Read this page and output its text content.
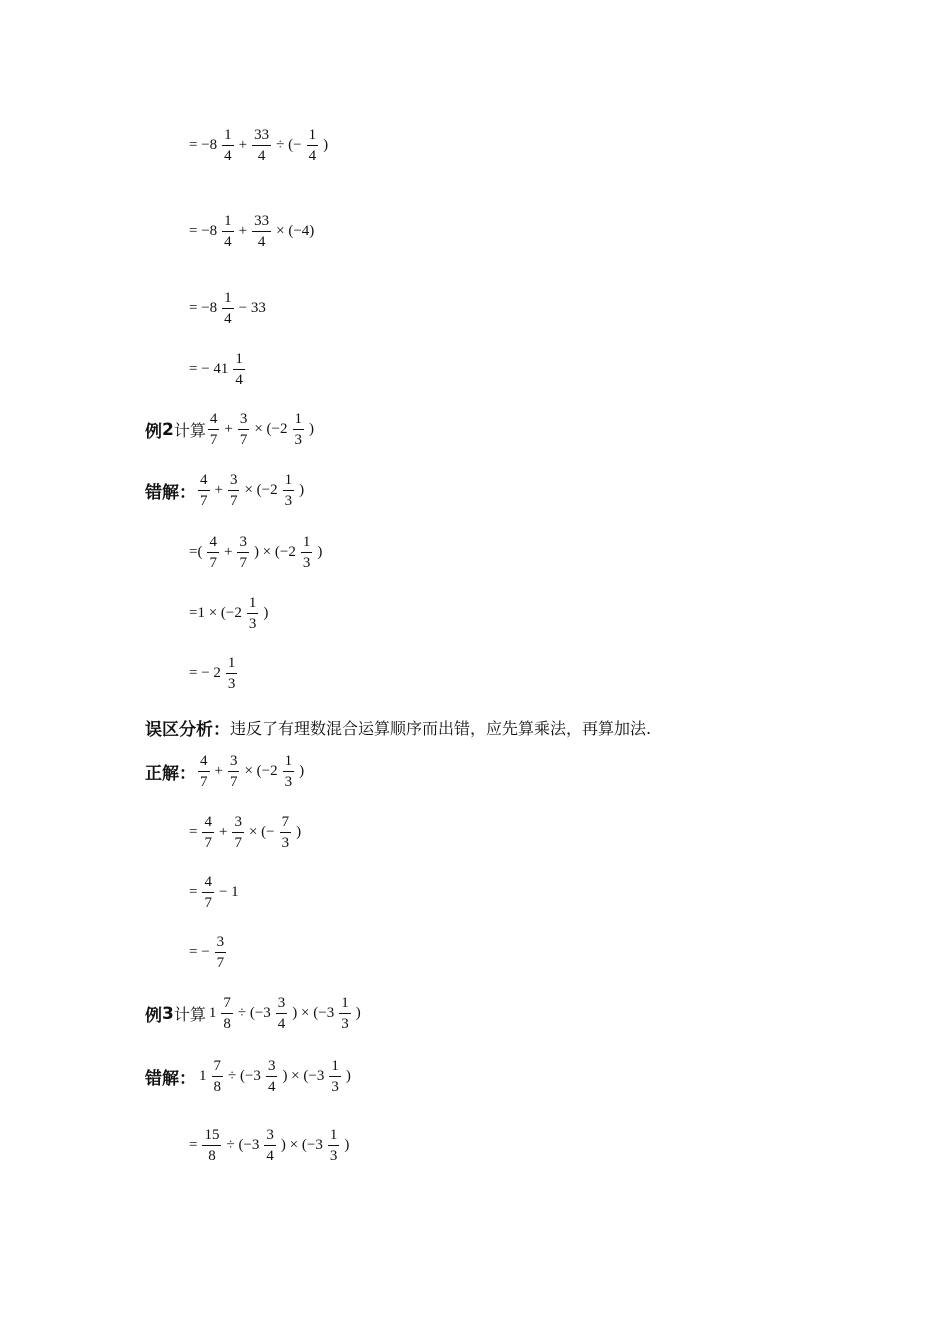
= $-8 \frac{1}{4} + \frac{33}{4}$ ÷ (− $\frac{1}{4}$ )
= $-8 \frac{1}{4} + \frac{33}{4} \times (-4)$
= $-8 \frac{1}{4} - 33$
= − $41 \frac{1}{4}$
例 2 计算 $\frac{4}{7} + \frac{3}{7} \times (-2 \frac{1}{3}$ )
错解： $\frac{4}{7} + \frac{3}{7} \times (-2 \frac{1}{3}$ )
=( $\frac{4}{7} + \frac{3}{7}$ ) × ($-2 \frac{1}{3}$ )
$=1 \times (-2 \frac{1}{3}$ )
= − $2 \frac{1}{3}$
误区分析： 违反了有理数混合运算顺序而出错，应先算乘法，再算加法.
正解： $\frac{4}{7} + \frac{3}{7} \times (-2 \frac{1}{3}$ )
= $\frac{4}{7} + \frac{3}{7}$ × (− $\frac{7}{3}$ )
= $\frac{4}{7} - 1$
= − $\frac{3}{7}$
例 3 计算 $1 \frac{7}{8} \div (-3 \frac{3}{4}$ ) × ($-3 \frac{1}{3}$ )
错解： $1 \frac{7}{8} \div (-3 \frac{3}{4}$ ) × ($-3 \frac{1}{3}$ )
= $\frac{15}{8} \div (-3 \frac{3}{4}$ ) × ($-3 \frac{1}{3}$ )
